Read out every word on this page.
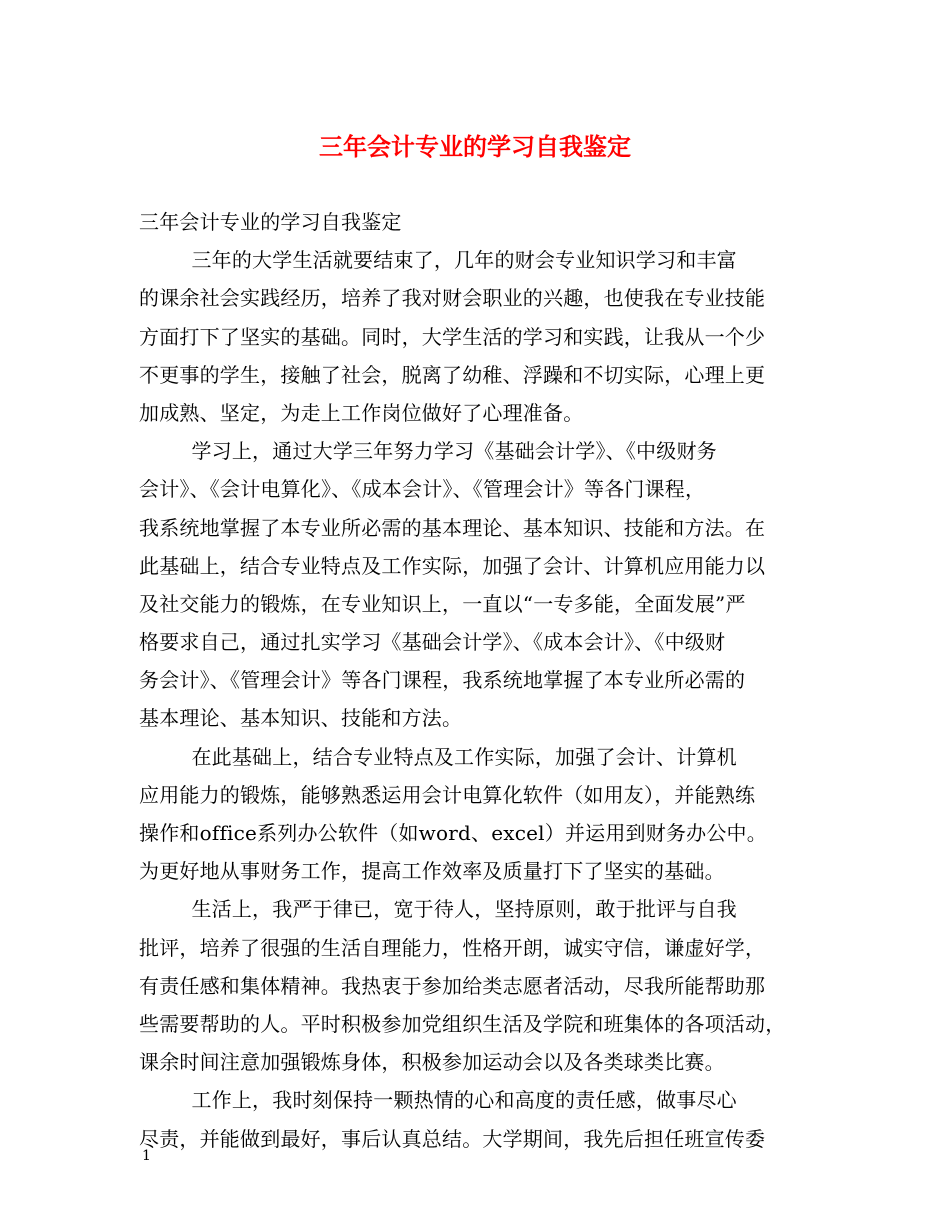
三年会计专业的学习自我鉴定
三年会计专业的学习自我鉴定
三年的大学生活就要结束了，几年的财会专业知识学习和丰富
的课余社会实践经历，培养了我对财会职业的兴趣，也使我在专业技能
方面打下了坚实的基础。同时，大学生活的学习和实践，让我从一个少
不更事的学生，接触了社会，脱离了幼稚、浮躁和不切实际，心理上更
加成熟、坚定，为走上工作岗位做好了心理准备。
学习上，通过大学三年努力学习《基础会计学》、《中级财务
会计》、《会计电算化》、《成本会计》、《管理会计》等各门课程，
我系统地掌握了本专业所必需的基本理论、基本知识、技能和方法。在
此基础上，结合专业特点及工作实际，加强了会计、计算机应用能力以
及社交能力的锻炼，在专业知识上，一直以“一专多能，全面发展”严
格要求自己，通过扎实学习《基础会计学》、《成本会计》、《中级财
务会计》、《管理会计》等各门课程，我系统地掌握了本专业所必需的
基本理论、基本知识、技能和方法。
在此基础上，结合专业特点及工作实际，加强了会计、计算机
应用能力的锻炼，能够熟悉运用会计电算化软件（如用友），并能熟练
操作和office系列办公软件（如word、excel）并运用到财务办公中。
为更好地从事财务工作，提高工作效率及质量打下了坚实的基础。
生活上，我严于律已，宽于待人，坚持原则，敢于批评与自我
批评，培养了很强的生活自理能力，性格开朗，诚实守信，谦虚好学，
有责任感和集体精神。我热衷于参加给类志愿者活动，尽我所能帮助那
些需要帮助的人。平时积极参加党组织生活及学院和班集体的各项活动，
课余时间注意加强锻炼身体，积极参加运动会以及各类球类比赛。
工作上，我时刻保持一颗热情的心和高度的责任感，做事尽心
尽责，并能做到最好，事后认真总结。大学期间，我先后担任班宣传委
1
